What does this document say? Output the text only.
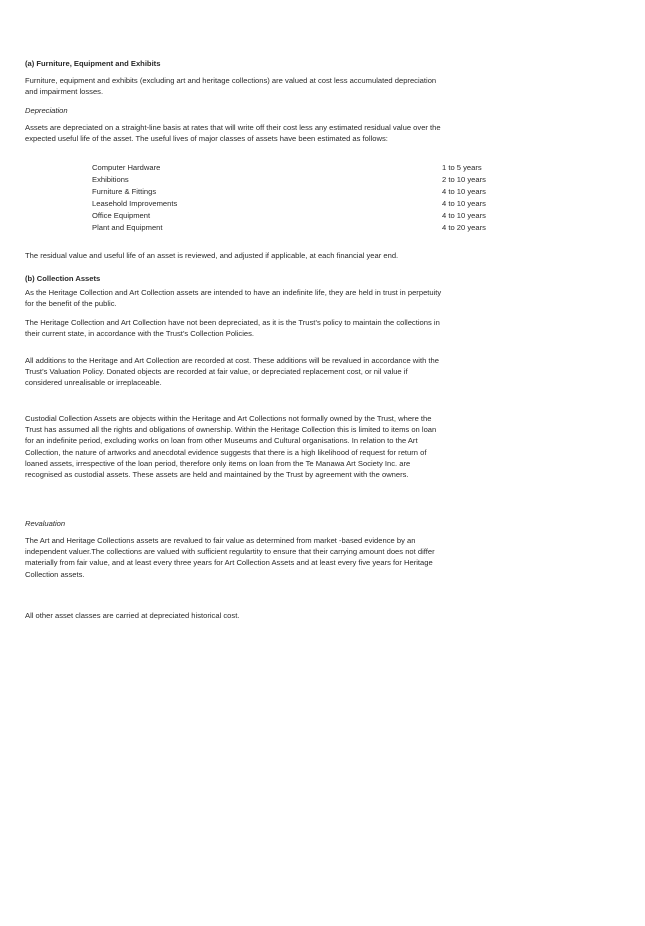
(a) Furniture, Equipment and Exhibits

Furniture, equipment and exhibits (excluding art and heritage collections) are valued at cost less accumulated depreciation and impairment losses.

Depreciation

Assets are depreciated on a straight-line basis at rates that will write off their cost less any estimated residual value over the expected useful life of the asset. The useful lives of major classes of assets have been estimated as follows:

Computer Hardware	1 to 5 years
Exhibitions	2 to 10 years
Furniture & Fittings	4 to 10 years
Leasehold Improvements	4 to 10 years
Office Equipment	4 to 10 years
Plant and Equipment	4 to 20 years

The residual value and useful life of an asset is reviewed, and adjusted if applicable, at each financial year end.

(b) Collection Assets

As the Heritage Collection and Art Collection assets are intended to have an indefinite life, they are held in trust in perpetuity for the benefit of the public.

The Heritage Collection and Art Collection have not been depreciated, as it is the Trust’s policy to maintain the collections in their current state, in accordance with the Trust’s Collection Policies.

All additions to the Heritage and Art Collection are recorded at cost. These additions will be revalued in accordance with the Trust’s Valuation Policy. Donated objects are recorded at fair value, or depreciated replacement cost, or nil value if considered unrealisable or irreplaceable.

Custodial Collection Assets are objects within the Heritage and Art Collections not formally owned by the Trust, where the Trust has assumed all the rights and obligations of ownership. Within the Heritage Collection this is limited to items on loan for an indefinite period, excluding works on loan from other Museums and Cultural organisations. In relation to the Art Collection, the nature of artworks and anecdotal evidence suggests that there is a high likelihood of request for return of loaned assets, irrespective of the loan period, therefore only items on loan from the Te Manawa Art Society Inc. are recognised as custodial assets. These assets are held and maintained by the Trust by agreement with the owners.

Revaluation

The Art and Heritage Collections assets are revalued to fair value as determined from market -based evidence by an independent valuer.The collections are valued with sufficient regulartity to ensure that their carrying amount does not differ materially from fair value, and at least every three years for Art Collection Assets and at least every five years for Heritage Collection assets.

All other asset classes are carried at depreciated historical cost.
